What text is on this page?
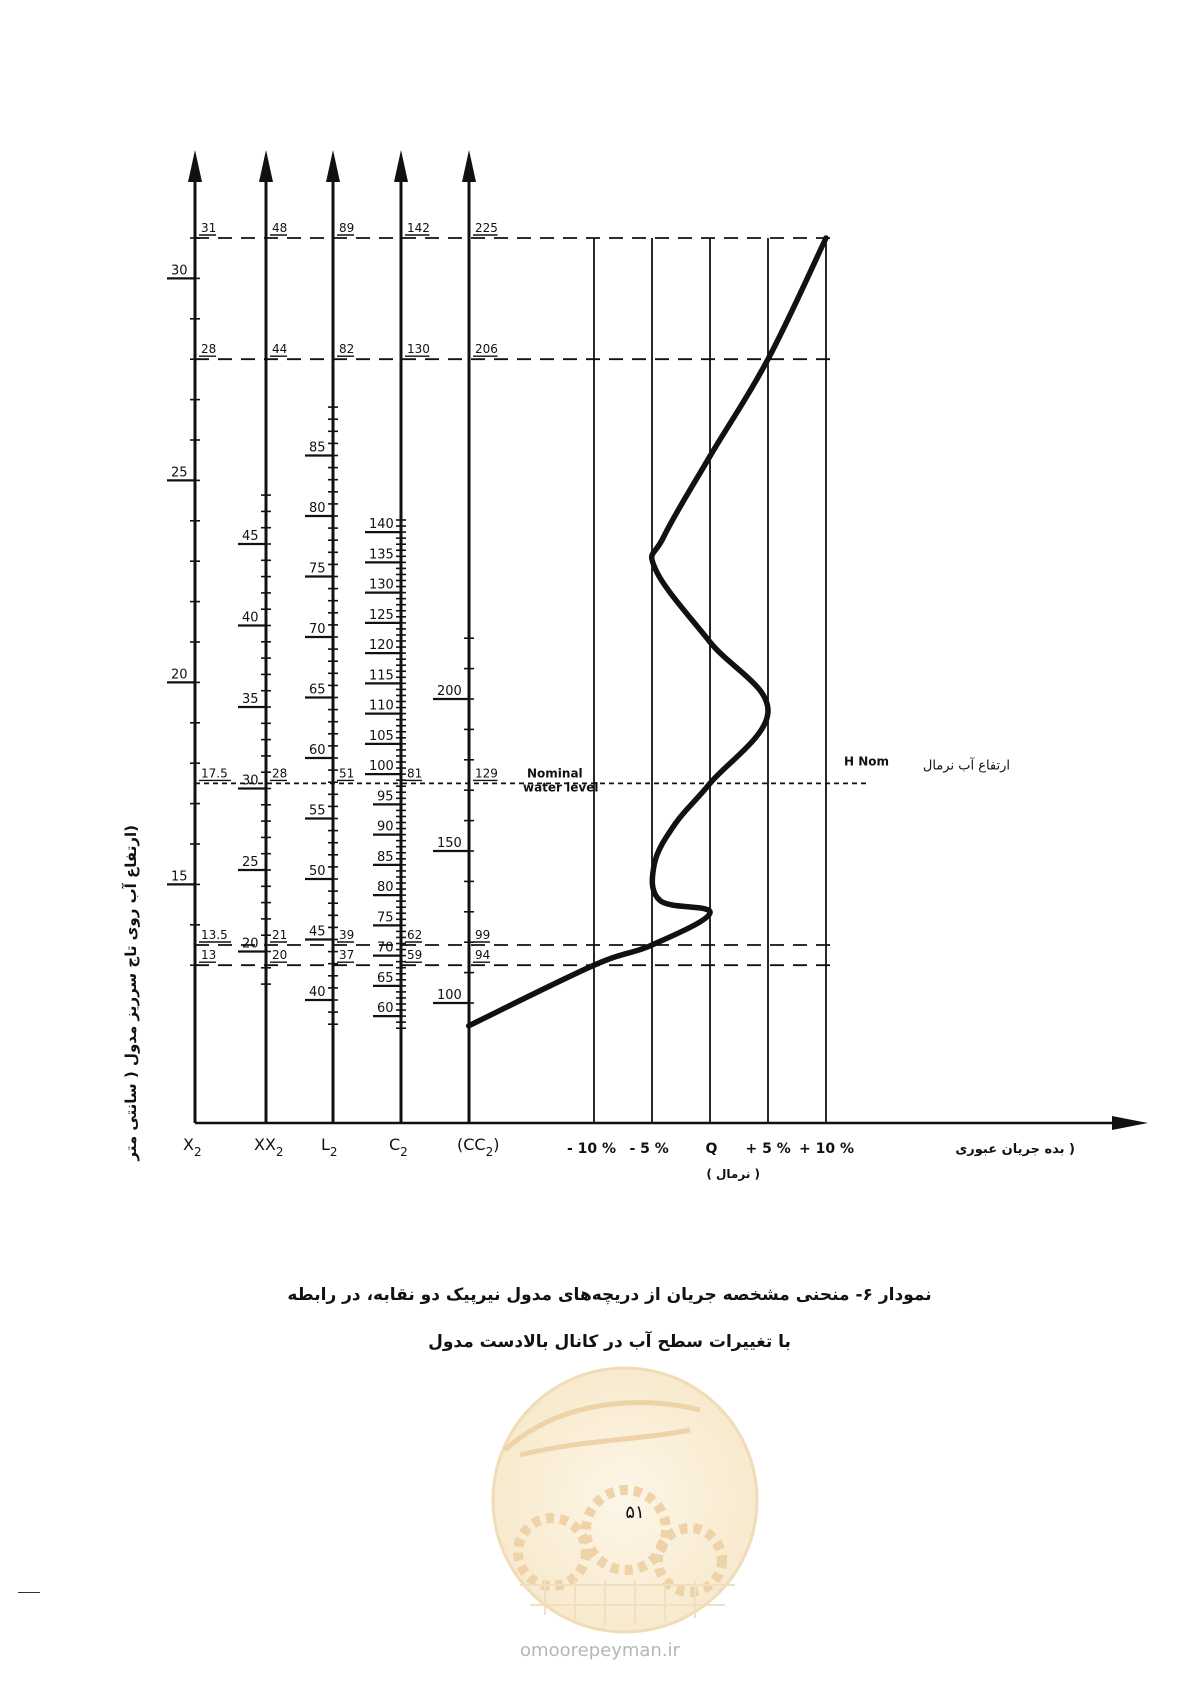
15
20
25
30
$X_2$
20
25
30
35
40
45
$XX_2$
40
45
50
55
60
65
70
75
80
85
$L_2$
60
65
70
75
80
85
90
95
100
105
110
115
120
125
130
135
140
$C_2$
100
150
200
$(CC_2)$
(ارتفاع آب روی تاج سرریز مدول ( سانتی متر
31	48	89	142	225
28	44	82	130	206
17.5	28	51	81	129 Nominal
water level
H Nom	ارتفاع آب نرمال
13.5	21	39	62	99
13	20	37	59	94
- 10 % - 5 %	Q + 5 % + 10 %	( بده جریان عبوری
( نرمال )
نمودار ۶- منحنی مشخصه جریان از دریچه‌های مدول نیرپیک دو نقابه، در رابطه
با تغییرات سطح آب در کانال بالادست مدول
۵۱
omoorepeyman.ir
